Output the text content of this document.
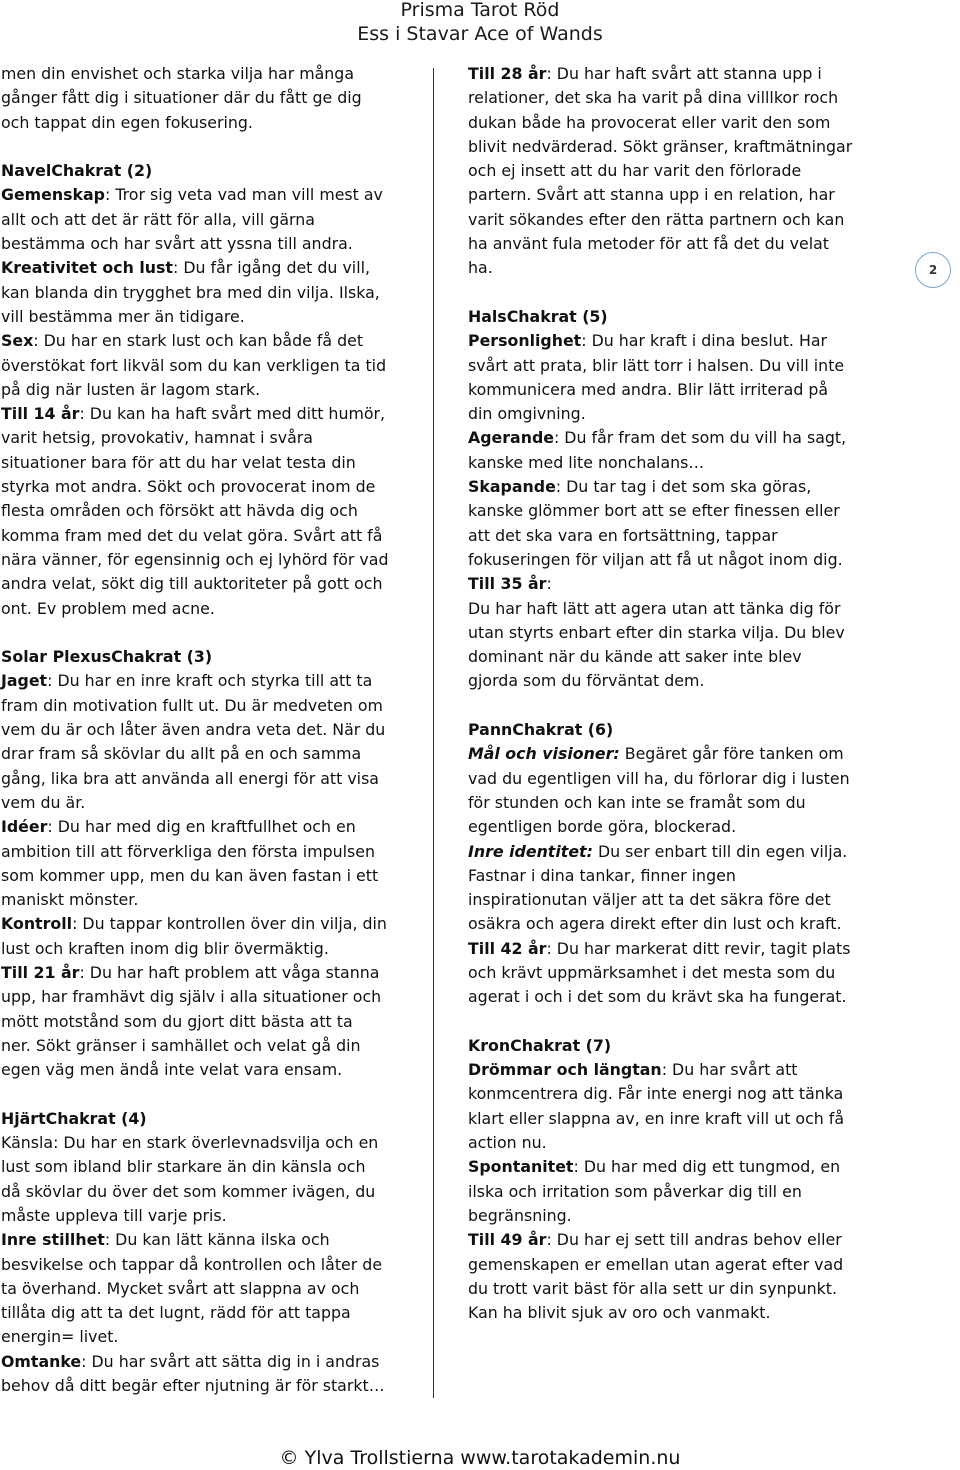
Prisma Tarot Röd
Ess i Stavar Ace of Wands

men din envishet och starka vilja har många

gånger fått dig i situationer där du fått ge dig

och tappat din egen fokusering.

NavelChakrat (2)

Gemenskap: Tror sig veta vad man vill mest av

allt och att det är rätt för alla, vill gärna

bestämma och har svårt att yssna till andra.

Kreativitet och lust: Du får igång det du vill,

kan blanda din trygghet bra med din vilja. Ilska,

vill bestämma mer än tidigare.

Sex: Du har en stark lust och kan både få det

överstökat fort likväl som du kan verkligen ta tid

på dig när lusten är lagom stark.

Till 14 år: Du kan ha haft svårt med ditt humör,

varit hetsig, provokativ, hamnat i svåra

situationer bara för att du har velat testa din

styrka mot andra. Sökt och provocerat inom de

flesta områden och försökt att hävda dig och

komma fram med det du velat göra. Svårt att få

nära vänner, för egensinnig och ej lyhörd för vad

andra velat, sökt dig till auktoriteter på gott och

ont. Ev problem med acne.

Solar PlexusChakrat (3)

Jaget: Du har en inre kraft och styrka till att ta

fram din motivation fullt ut. Du är medveten om

vem du är och låter även andra veta det. När du

drar fram så skövlar du allt på en och samma

gång, lika bra att använda all energi för att visa

vem du är.

Idéer: Du har med dig en kraftfullhet och en

ambition till att förverkliga den första impulsen

som kommer upp, men du kan även fastan i ett

maniskt mönster.

Kontroll: Du tappar kontrollen över din vilja, din

lust och kraften inom dig blir övermäktig.

Till 21 år: Du har haft problem att våga stanna

upp, har framhävt dig själv i alla situationer och

mött motstånd som du gjort ditt bästa att ta

ner. Sökt gränser i samhället och velat gå din

egen väg men ändå inte velat vara ensam.

HjärtChakrat (4)

Känsla: Du har en stark överlevnadsvilja och en

lust som ibland blir starkare än din känsla och

då skövlar du över det som kommer ivägen, du

måste uppleva till varje pris.

Inre stillhet: Du kan lätt känna ilska och

besvikelse och tappar då kontrollen och låter de

ta överhand. Mycket svårt att slappna av och

tillåta dig att ta det lugnt, rädd för att tappa

energin= livet.

Omtanke: Du har svårt att sätta dig in i andras

behov då ditt begär efter njutning är för starkt…

Till 28 år: Du har haft svårt att stanna upp i

relationer, det ska ha varit på dina villlkor roch

dukan både ha provocerat eller varit den som

blivit nedvärderad. Sökt gränser, kraftmätningar

och ej insett att du har varit den förlorade

partern. Svårt att stanna upp i en relation, har

varit sökandes efter den rätta partnern och kan

ha använt fula metoder för att få det du velat

ha.

HalsChakrat (5)

Personlighet: Du har kraft i dina beslut. Har

svårt att prata, blir lätt torr i halsen. Du vill inte

kommunicera med andra. Blir lätt irriterad på

din omgivning.

Agerande: Du får fram det som du vill ha sagt,

kanske med lite nonchalans…

Skapande: Du tar tag i det som ska göras,

kanske glömmer bort att se efter finessen eller

att det ska vara en fortsättning, tappar

fokuseringen för viljan att få ut något inom dig.

Till 35 år:

Du har haft lätt att agera utan att tänka dig för

utan styrts enbart efter din starka vilja. Du blev

dominant när du kände att saker inte blev

gjorda som du förväntat dem.

PannChakrat (6)

Mål och visioner: Begäret går före tanken om

vad du egentligen vill ha, du förlorar dig i lusten

för stunden och kan inte se framåt som du

egentligen borde göra, blockerad.

Inre identitet: Du ser enbart till din egen vilja.

Fastnar i dina tankar, finner ingen

inspirationutan väljer att ta det säkra före det

osäkra och agera direkt efter din lust och kraft.

Till 42 år: Du har markerat ditt revir, tagit plats

och krävt uppmärksamhet i det mesta som du

agerat i och i det som du krävt ska ha fungerat.

KronChakrat (7)

Drömmar och längtan: Du har svårt att

konmcentrera dig. Får inte energi nog att tänka

klart eller slappna av, en inre kraft vill ut och få

action nu.

Spontanitet: Du har med dig ett tungmod, en

ilska och irritation som påverkar dig till en

begränsning.

Till 49 år: Du har ej sett till andras behov eller

gemenskapen er emellan utan agerat efter vad

du trott varit bäst för alla sett ur din synpunkt.

Kan ha blivit sjuk av oro och vanmakt.

2
© Ylva Trollstierna www.tarotakademin.nu
